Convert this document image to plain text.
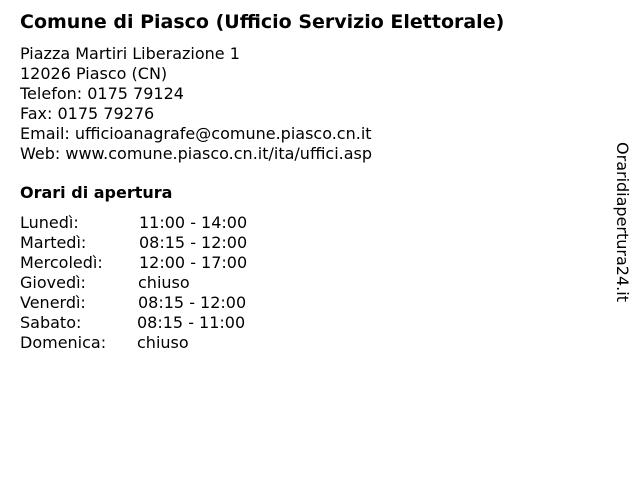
Comune di Piasco (Ufficio Servizio Elettorale)
Piazza Martiri Liberazione 1
12026 Piasco (CN)
Telefon: 0175 79124
Fax: 0175 79276
Email: ufficioanagrafe@comune.piasco.cn.it
Web: www.comune.piasco.cn.it/ita/uffici.asp
Orari di apertura
Lunedì:	11:00 - 14:00
Martedì:	08:15 - 12:00
Mercoledì: 12:00 - 17:00
Giovedì:	chiuso
Venerdì:	08:15 - 12:00
Sabato:	08:15 - 11:00
Domenica: chiuso
Oraridiapertura24.it
